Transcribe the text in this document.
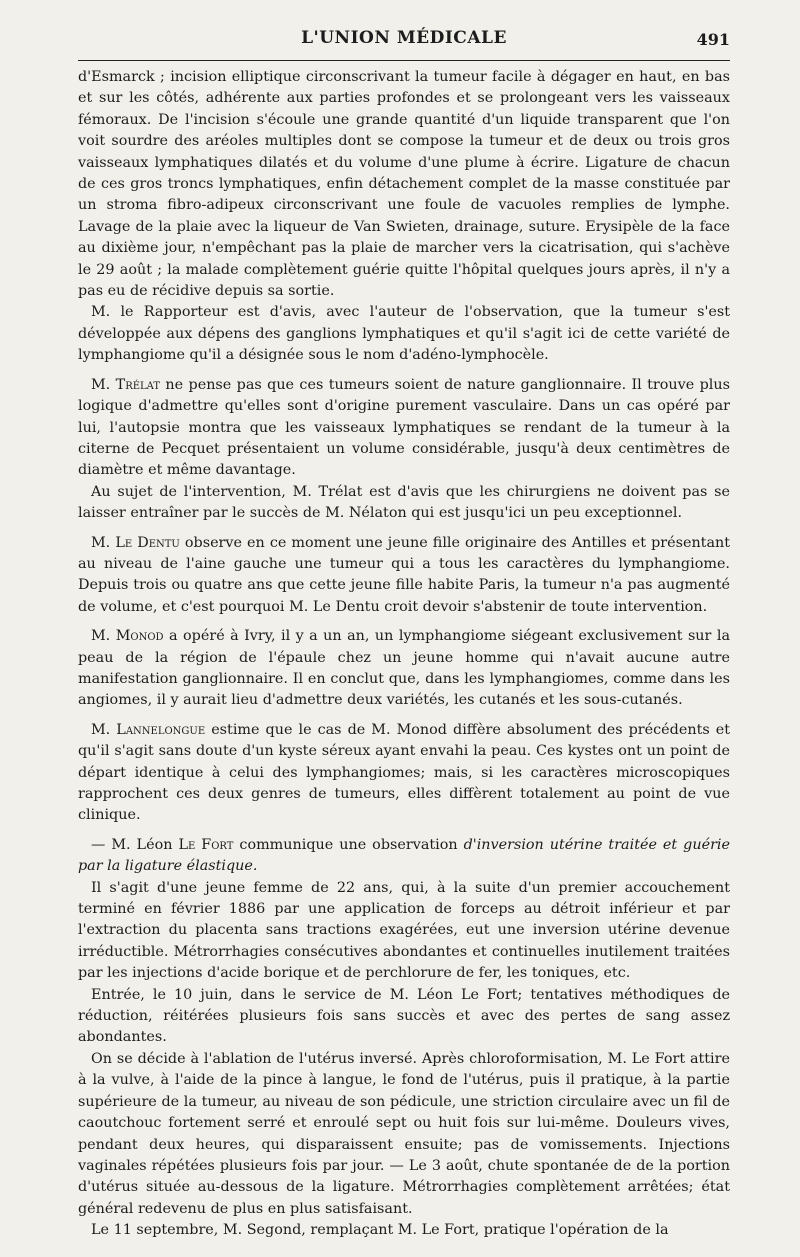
L'UNION MÉDICALE	491

d'Esmarck ; incision elliptique circonscrivant la tumeur facile à dégager en haut, en bas et sur les côtés, adhérente aux parties profondes et se prolongeant vers les vaisseaux fémoraux. De l'incision s'écoule une grande quantité d'un liquide transparent que l'on voit sourdre des aréoles multiples dont se compose la tumeur et de deux ou trois gros vaisseaux lymphatiques dilatés et du volume d'une plume à écrire. Ligature de chacun de ces gros troncs lymphatiques, enfin détachement complet de la masse constituée par un stroma fibro-adipeux circonscrivant une foule de vacuoles remplies de lymphe. Lavage de la plaie avec la liqueur de Van Swieten, drainage, suture. Erysipèle de la face au dixième jour, n'empêchant pas la plaie de marcher vers la cicatrisation, qui s'achève le 29 août ; la malade complètement guérie quitte l'hôpital quelques jours après, il n'y a pas eu de récidive depuis sa sortie.

M. le Rapporteur est d'avis, avec l'auteur de l'observation, que la tumeur s'est développée aux dépens des ganglions lymphatiques et qu'il s'agit ici de cette variété de lymphangiome qu'il a désignée sous le nom d'adéno-lymphocèle.

M. Trélat ne pense pas que ces tumeurs soient de nature ganglionnaire. Il trouve plus logique d'admettre qu'elles sont d'origine purement vasculaire. Dans un cas opéré par lui, l'autopsie montra que les vaisseaux lymphatiques se rendant de la tumeur à la citerne de Pecquet présentaient un volume considérable, jusqu'à deux centimètres de diamètre et même davantage.

Au sujet de l'intervention, M. Trélat est d'avis que les chirurgiens ne doivent pas se laisser entraîner par le succès de M. Nélaton qui est jusqu'ici un peu exceptionnel.

M. Le Dentu observe en ce moment une jeune fille originaire des Antilles et présentant au niveau de l'aine gauche une tumeur qui a tous les caractères du lymphangiome. Depuis trois ou quatre ans que cette jeune fille habite Paris, la tumeur n'a pas augmenté de volume, et c'est pourquoi M. Le Dentu croit devoir s'abstenir de toute intervention.

M. Monod a opéré à Ivry, il y a un an, un lymphangiome siégeant exclusivement sur la peau de la région de l'épaule chez un jeune homme qui n'avait aucune autre manifestation ganglionnaire. Il en conclut que, dans les lymphangiomes, comme dans les angiomes, il y aurait lieu d'admettre deux variétés, les cutanés et les sous-cutanés.

M. Lannelongue estime que le cas de M. Monod diffère absolument des précédents et qu'il s'agit sans doute d'un kyste séreux ayant envahi la peau. Ces kystes ont un point de départ identique à celui des lymphangiomes; mais, si les caractères microscopiques rapprochent ces deux genres de tumeurs, elles diffèrent totalement au point de vue clinique.

— M. Léon Le Fort communique une observation d'inversion utérine traitée et guérie par la ligature élastique.

Il s'agit d'une jeune femme de 22 ans, qui, à la suite d'un premier accouchement terminé en février 1886 par une application de forceps au détroit inférieur et par l'extraction du placenta sans tractions exagérées, eut une inversion utérine devenue irréductible. Métrorrhagies consécutives abondantes et continuelles inutilement traitées par les injections d'acide borique et de perchlorure de fer, les toniques, etc.

Entrée, le 10 juin, dans le service de M. Léon Le Fort; tentatives méthodiques de réduction, réitérées plusieurs fois sans succès et avec des pertes de sang assez abondantes.

On se décide à l'ablation de l'utérus inversé. Après chloroformisation, M. Le Fort attire à la vulve, à l'aide de la pince à langue, le fond de l'utérus, puis il pratique, à la partie supérieure de la tumeur, au niveau de son pédicule, une striction circulaire avec un fil de caoutchouc fortement serré et enroulé sept ou huit fois sur lui-même. Douleurs vives, pendant deux heures, qui disparaissent ensuite; pas de vomissements. Injections vaginales répétées plusieurs fois par jour. — Le 3 août, chute spontanée de de la portion d'utérus située au-dessous de la ligature. Métrorrhagies complètement arrêtées; état général redevenu de plus en plus satisfaisant.

Le 11 septembre, M. Segond, remplaçant M. Le Fort, pratique l'opération de la
